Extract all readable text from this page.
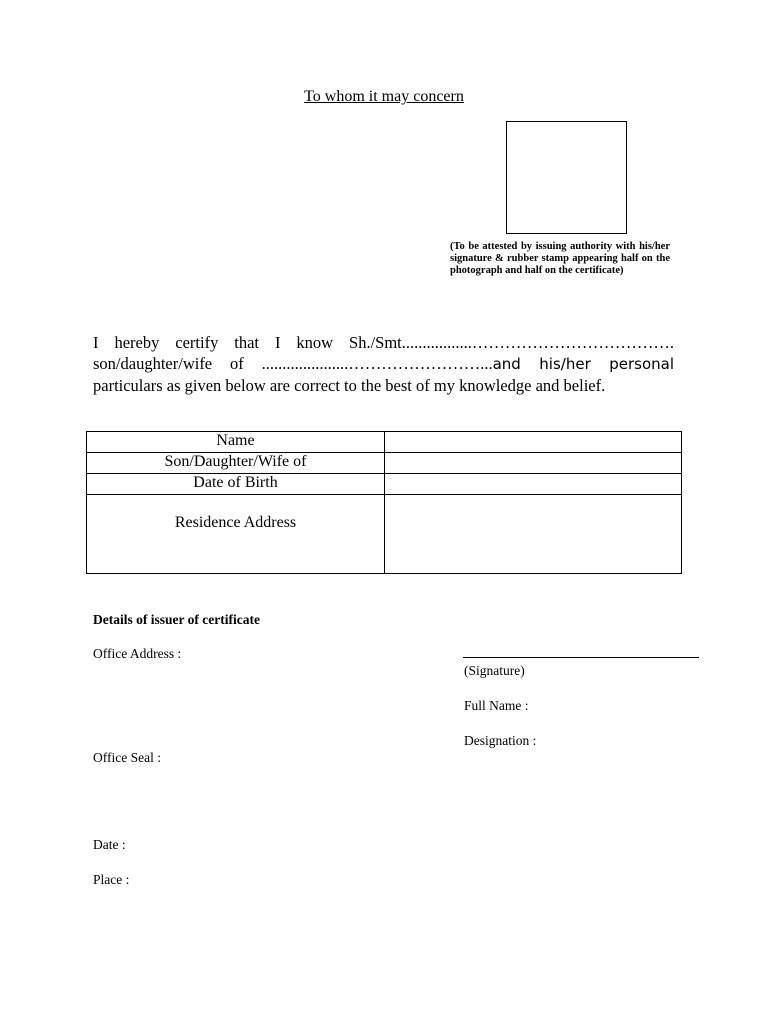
To whom it may concern
(To be attested by issuing authority with his/her signature & rubber stamp appearing half on the photograph and half on the certificate)

I hereby certify that I know Sh./Smt.................………………………………. son/daughter/wife of .....................……………………...and his/her personal particulars as given below are correct to the best of my knowledge and belief.

Name	
Son/Daughter/Wife of	
Date of Birth	
Residence Address	
Details of issuer of certificate
Office Address :
Office Seal :
Date :
Place :
(Signature)
Full Name :
Designation :
